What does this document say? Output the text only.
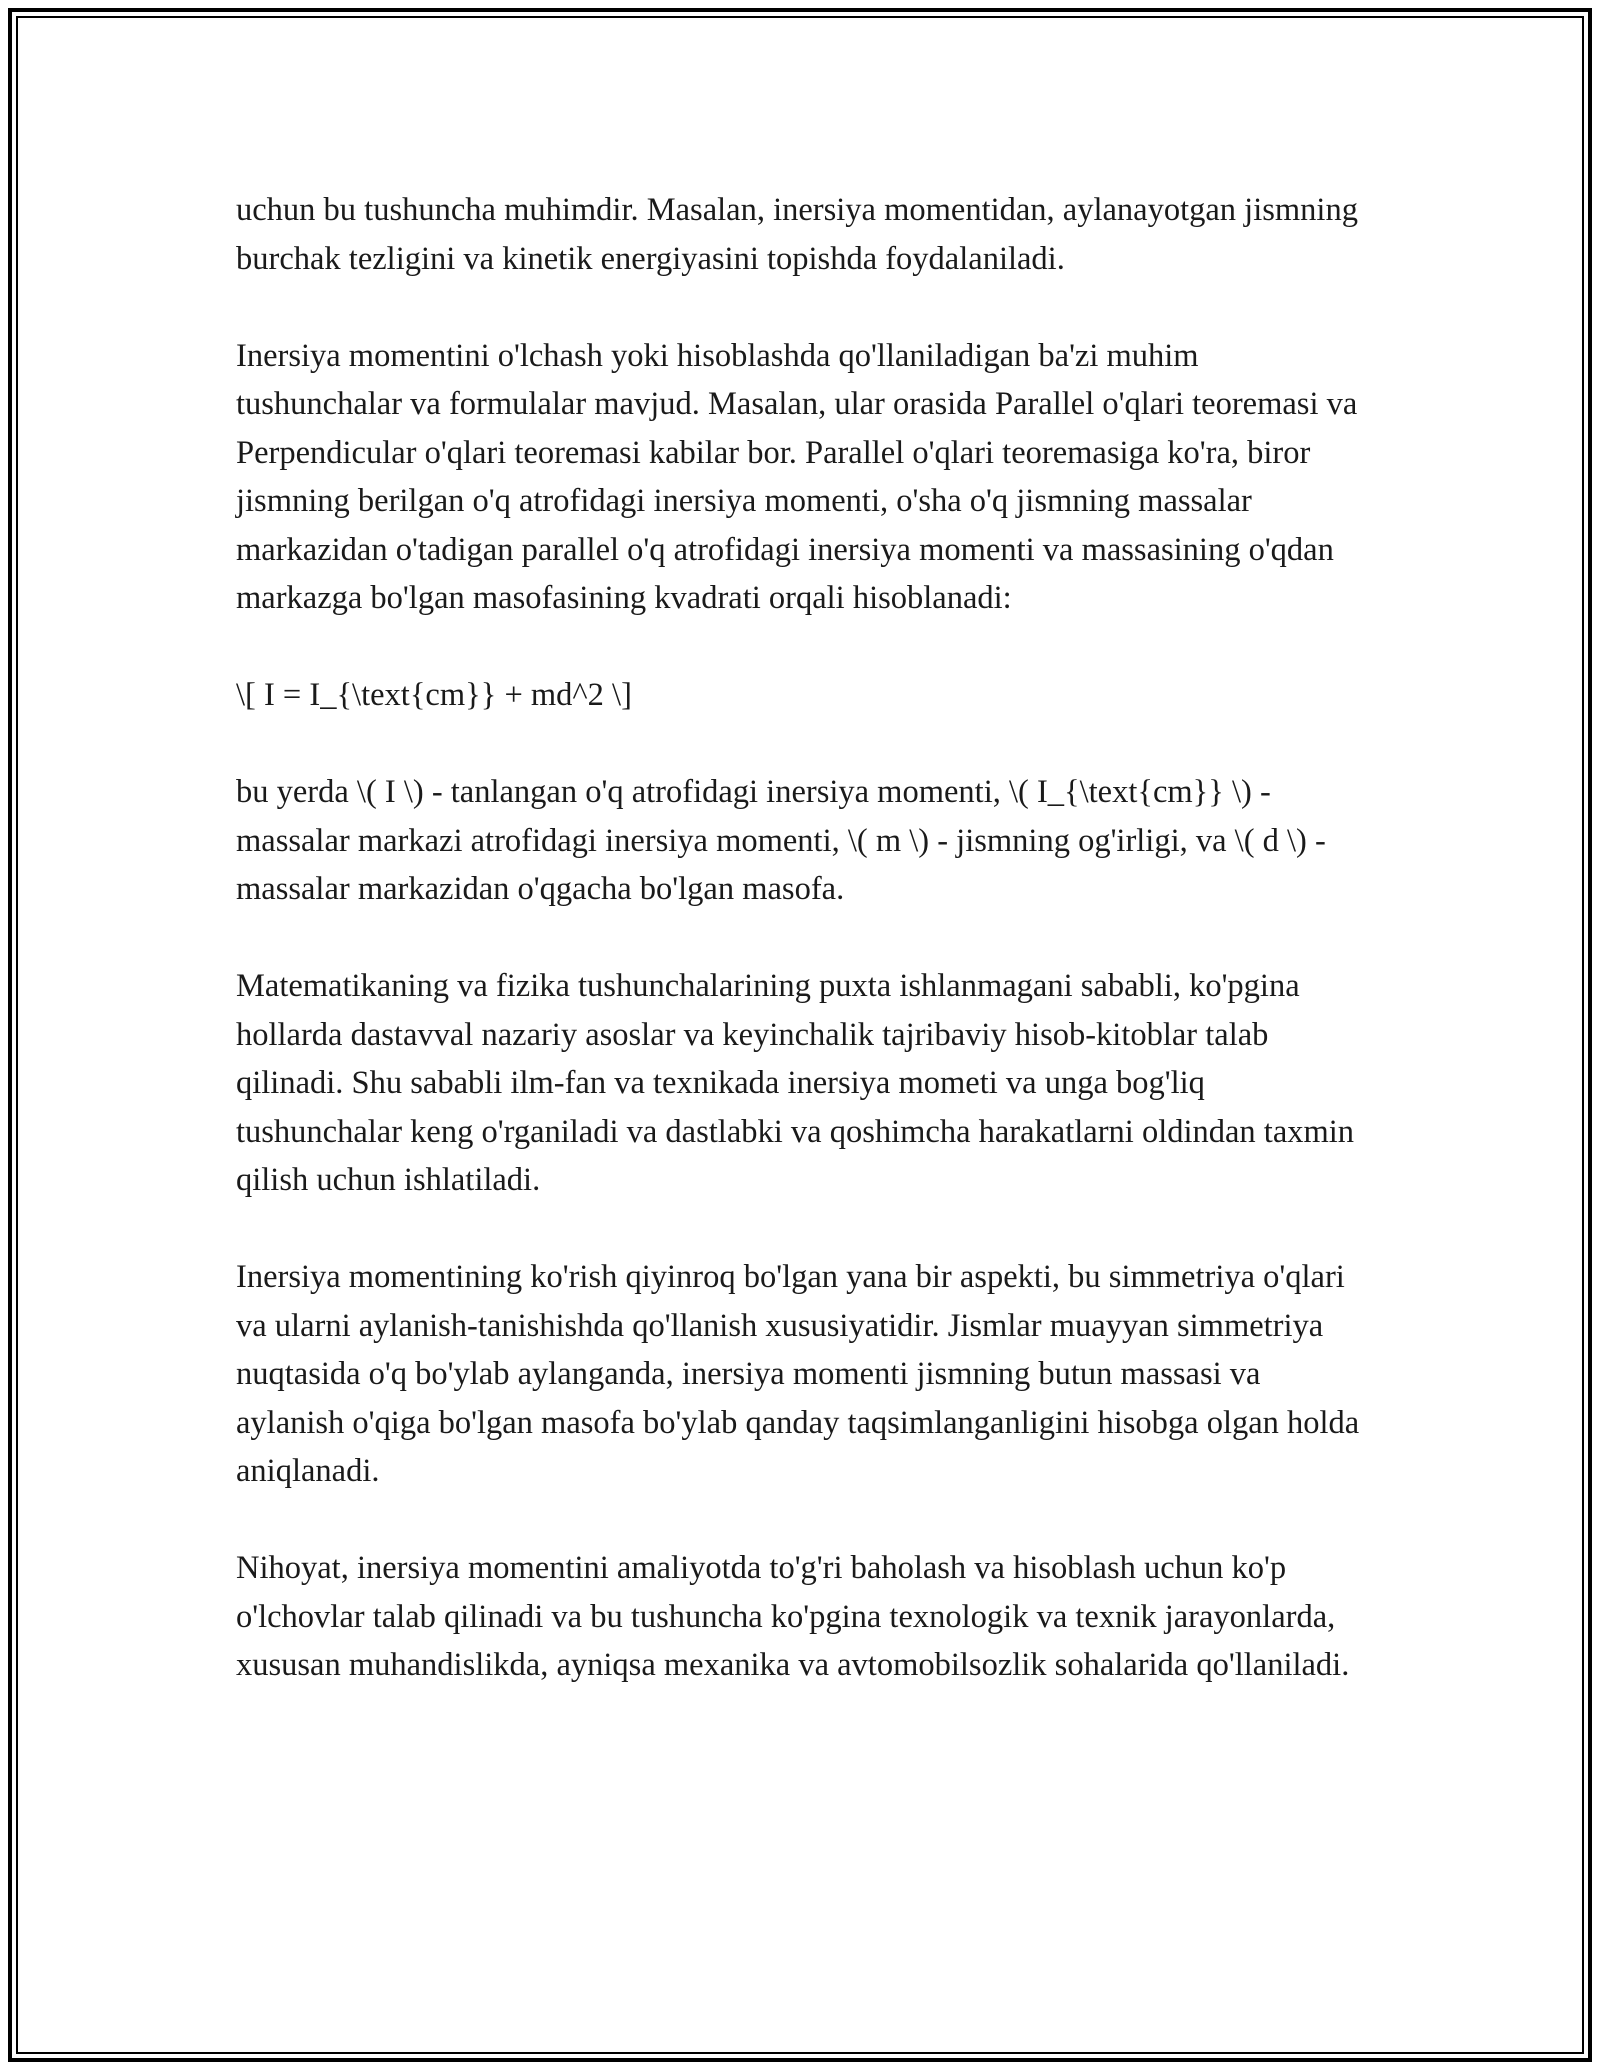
uchun bu tushuncha muhimdir. Masalan, inersiya momentidan, aylanayotgan jismning burchak tezligini va kinetik energiyasini topishda foydalaniladi.

Inersiya momentini o'lchash yoki hisoblashda qo'llaniladigan ba'zi muhim tushunchalar va formulalar mavjud. Masalan, ular orasida Parallel o'qlari teoremasi va Perpendicular o'qlari teoremasi kabilar bor. Parallel o'qlari teoremasiga ko'ra, biror jismning berilgan o'q atrofidagi inersiya momenti, o'sha o'q jismning massalar markazidan o'tadigan parallel o'q atrofidagi inersiya momenti va massasining o'qdan markazga bo'lgan masofasining kvadrati orqali hisoblanadi:

\[ I = I_{\text{cm}} + md^2 \]

bu yerda \( I \) - tanlangan o'q atrofidagi inersiya momenti, \( I_{\text{cm}} \) - massalar markazi atrofidagi inersiya momenti, \( m \) - jismning og'irligi, va \( d \) - massalar markazidan o'qgacha bo'lgan masofa.

Matematikaning va fizika tushunchalarining puxta ishlanmagani sababli, ko'pgina hollarda dastavval nazariy asoslar va keyinchalik tajribaviy hisob-kitoblar talab qilinadi. Shu sababli ilm-fan va texnikada inersiya mometi va unga bog'liq tushunchalar keng o'rganiladi va dastlabki va qoshimcha harakatlarni oldindan taxmin qilish uchun ishlatiladi.

Inersiya momentining ko'rish qiyinroq bo'lgan yana bir aspekti, bu simmetriya o'qlari va ularni aylanish-tanishishda qo'llanish xususiyatidir. Jismlar muayyan simmetriya nuqtasida o'q bo'ylab aylanganda, inersiya momenti jismning butun massasi va aylanish o'qiga bo'lgan masofa bo'ylab qanday taqsimlanganligini hisobga olgan holda aniqlanadi.

Nihoyat, inersiya momentini amaliyotda to'g'ri baholash va hisoblash uchun ko'p o'lchovlar talab qilinadi va bu tushuncha ko'pgina texnologik va texnik jarayonlarda, xususan muhandislikda, ayniqsa mexanika va avtomobilsozlik sohalarida qo'llaniladi.
